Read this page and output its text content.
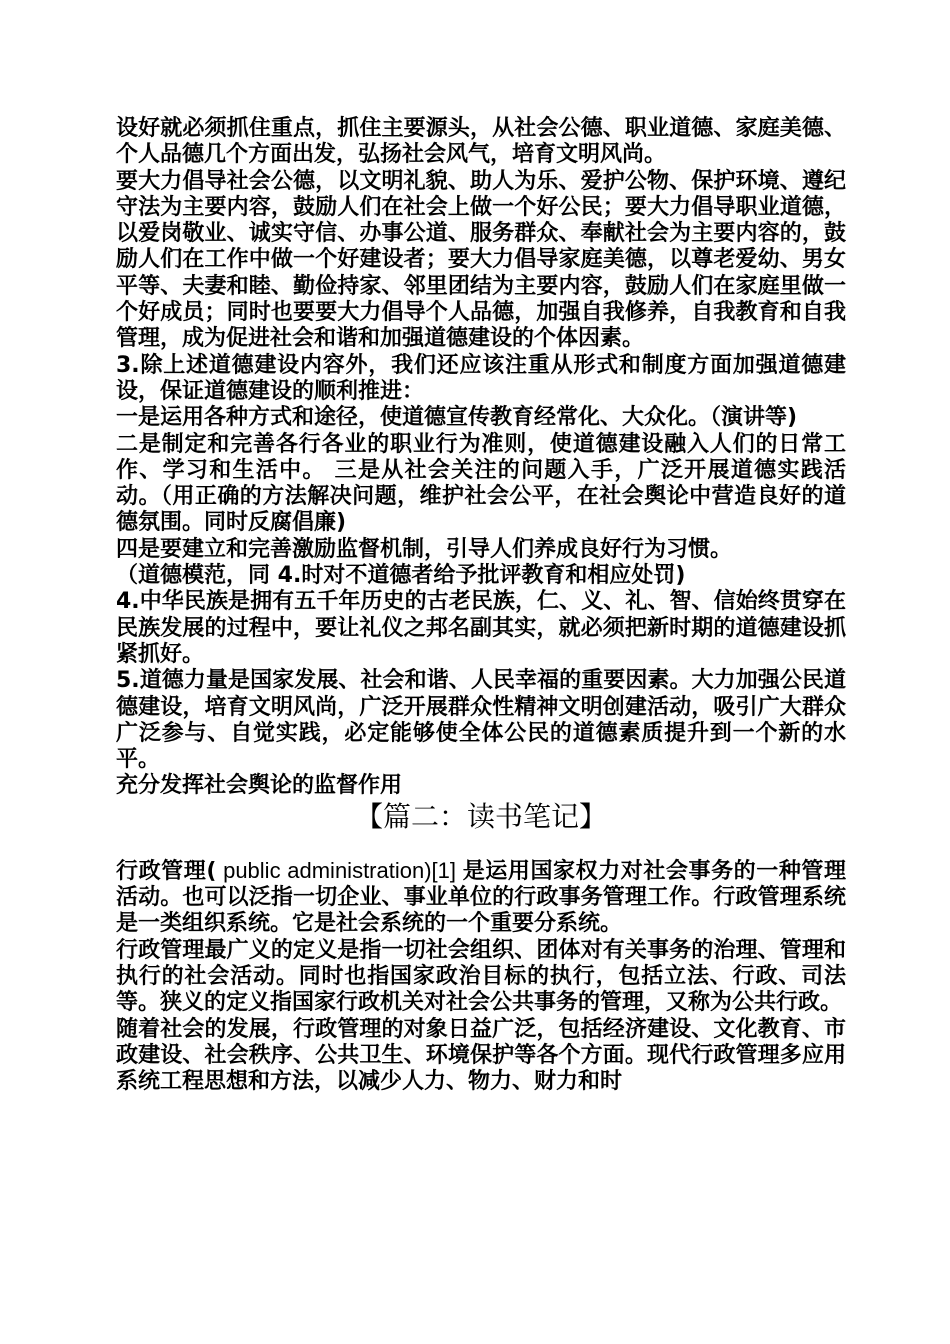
设好就必须抓住重点，抓住主要源头，从社会公德、职业道德、家庭美德、个人品德几个方面出发，弘扬社会风气，培育文明风尚。

要大力倡导社会公德，以文明礼貌、助人为乐、爱护公物、保护环境、遵纪守法为主要内容，鼓励人们在社会上做一个好公民；要大力倡导职业道德，以爱岗敬业、诚实守信、办事公道、服务群众、奉献社会为主要内容的，鼓励人们在工作中做一个好建设者；要大力倡导家庭美德，以尊老爱幼、男女平等、夫妻和睦、勤俭持家、邻里团结为主要内容，鼓励人们在家庭里做一个好成员；同时也要要大力倡导个人品德，加强自我修养，自我教育和自我管理，成为促进社会和谐和加强道德建设的个体因素。

3.除上述道德建设内容外，我们还应该注重从形式和制度方面加强道德建设，保证道德建设的顺利推进：

一是运用各种方式和途径，使道德宣传教育经常化、大众化。（演讲等)

二是制定和完善各行各业的职业行为准则，使道德建设融入人们的日常工作、学习和生活中。 三是从社会关注的问题入手，广泛开展道德实践活动。（用正确的方法解决问题，维护社会公平，在社会舆论中营造良好的道德氛围。同时反腐倡廉)

四是要建立和完善激励监督机制，引导人们养成良好行为习惯。

（道德模范，同 4.时对不道德者给予批评教育和相应处罚)

4.中华民族是拥有五千年历史的古老民族，仁、义、礼、智、信始终贯穿在民族发展的过程中，要让礼仪之邦名副其实，就必须把新时期的道德建设抓紧抓好。

5.道德力量是国家发展、社会和谐、人民幸福的重要因素。大力加强公民道德建设，培育文明风尚，广泛开展群众性精神文明创建活动，吸引广大群众广泛参与、自觉实践，必定能够使全体公民的道德素质提升到一个新的水平。

充分发挥社会舆论的监督作用

【篇二：读书笔记】

行政管理( public administration)[1] 是运用国家权力对社会事务的一种管理活动。也可以泛指一切企业、事业单位的行政事务管理工作。行政管理系统是一类组织系统。它是社会系统的一个重要分系统。

行政管理最广义的定义是指一切社会组织、团体对有关事务的治理、管理和执行的社会活动。同时也指国家政治目标的执行，包括立法、行政、司法等。狭义的定义指国家行政机关对社会公共事务的管理，又称为公共行政。

随着社会的发展，行政管理的对象日益广泛，包括经济建设、文化教育、市政建设、社会秩序、公共卫生、环境保护等各个方面。现代行政管理多应用系统工程思想和方法，以减少人力、物力、财力和时
